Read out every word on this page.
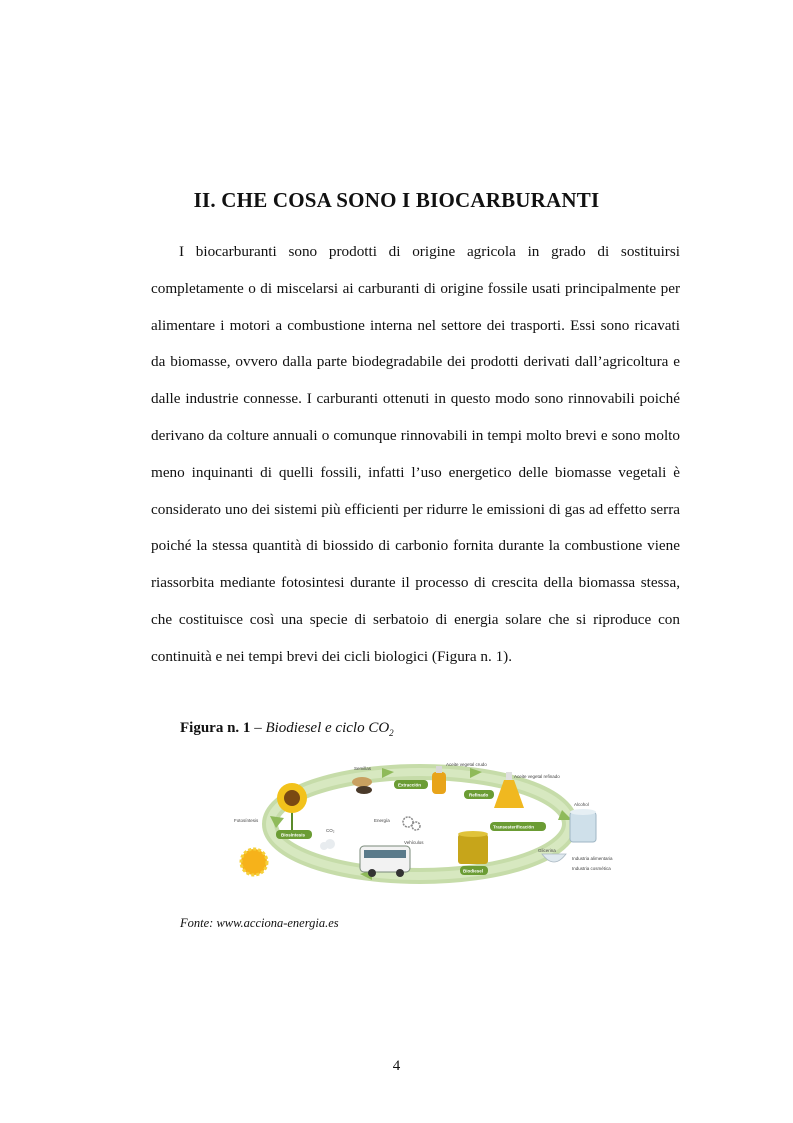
II. CHE COSA SONO I BIOCARBURANTI

I biocarburanti sono prodotti di origine agricola in grado di sostituirsi completamente o di miscelarsi ai carburanti di origine fossile usati principalmente per alimentare i motori a combustione interna nel settore dei trasporti. Essi sono ricavati da biomasse, ovvero dalla parte biodegradabile dei prodotti derivati dall’agricoltura e dalle industrie connesse. I carburanti ottenuti in questo modo sono rinnovabili poiché derivano da colture annuali o comunque rinnovabili in tempi molto brevi e sono molto meno inquinanti di quelli fossili, infatti l’uso energetico delle biomasse vegetali è considerato uno dei sistemi più efficienti per ridurre le emissioni di gas ad effetto serra poiché la stessa quantità di biossido di carbonio fornita durante la combustione viene riassorbita mediante fotosintesi durante il processo di crescita della biomassa stessa, che costituisce così una specie di serbatoio di energia solare che si riproduce con continuità e nei tempi brevi dei cicli biologici (Figura n. 1).

Figura n. 1 – Biodiesel e ciclo $CO_2$
Semillas
Extracción
Aceite vegetal crudo
Refinado
Aceite vegetal refinado
Alcohol
Fotosíntesis
Biosíntesis
CO₂
Energía
Vehículos
Transesterificación
Biodiesel
Glicerina
Industria alimentaria
Industria cosmética
Fonte: www.acciona-energia.es
4
